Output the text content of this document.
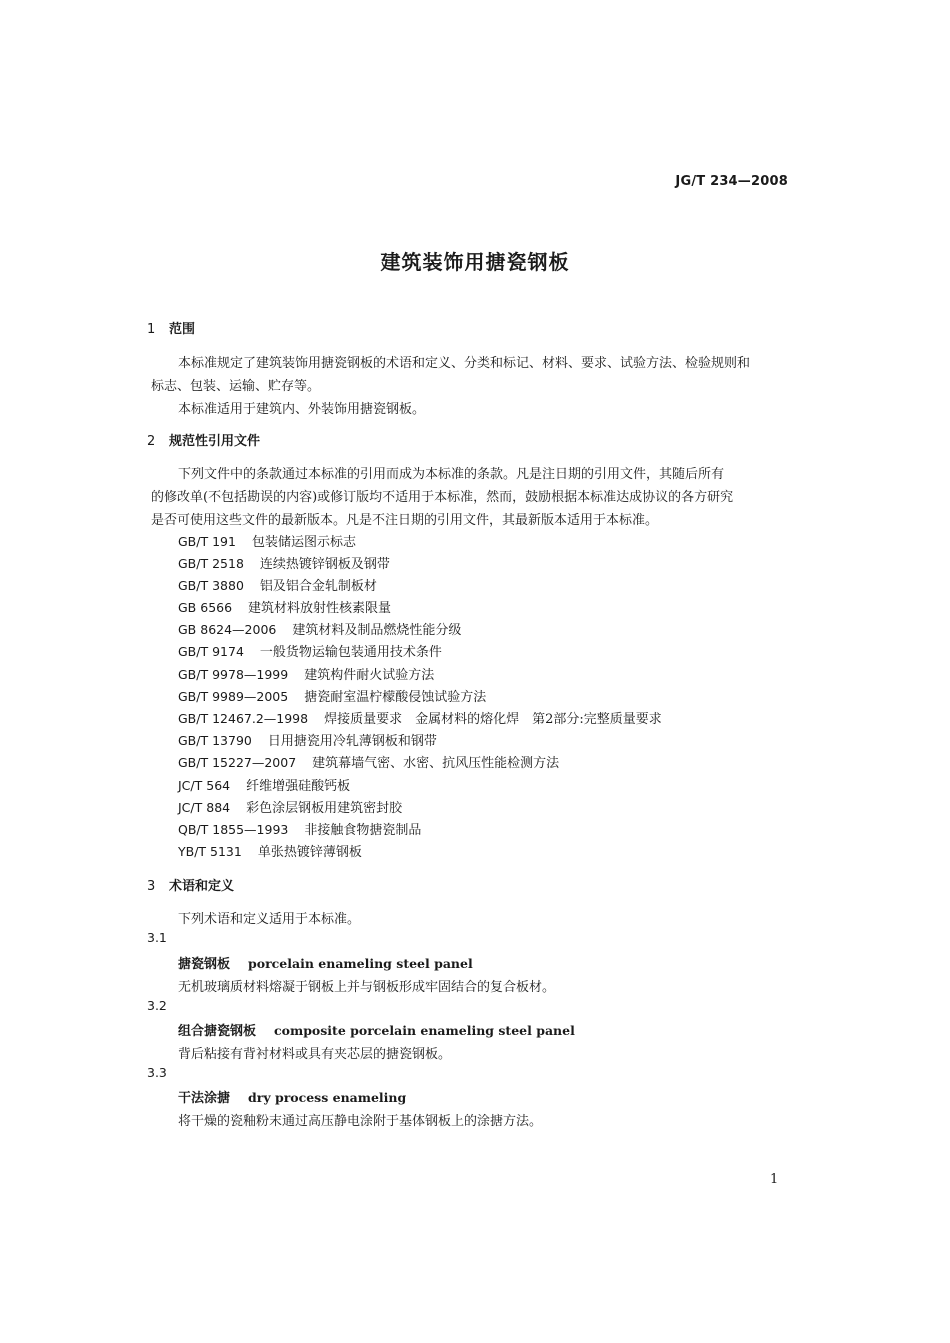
JG/T 234—2008
建筑装饰用搪瓷钢板
1 范围
本标准规定了建筑装饰用搪瓷钢板的术语和定义、分类和标记、材料、要求、试验方法、检验规则和
标志、包装、运输、贮存等。
本标准适用于建筑内、外装饰用搪瓷钢板。
2 规范性引用文件
下列文件中的条款通过本标准的引用而成为本标准的条款。凡是注日期的引用文件，其随后所有
的修改单(不包括勘误的内容)或修订版均不适用于本标准，然而，鼓励根据本标准达成协议的各方研究
是否可使用这些文件的最新版本。凡是不注日期的引用文件，其最新版本适用于本标准。
GB/T 191 包装储运图示标志
GB/T 2518 连续热镀锌钢板及钢带
GB/T 3880 铝及铝合金轧制板材
GB 6566 建筑材料放射性核素限量
GB 8624—2006 建筑材料及制品燃烧性能分级
GB/T 9174 一般货物运输包装通用技术条件
GB/T 9978—1999 建筑构件耐火试验方法
GB/T 9989—2005 搪瓷耐室温柠檬酸侵蚀试验方法
GB/T 12467.2—1998 焊接质量要求　金属材料的熔化焊　第2部分:完整质量要求
GB/T 13790 日用搪瓷用冷轧薄钢板和钢带
GB/T 15227—2007 建筑幕墙气密、水密、抗风压性能检测方法
JC/T 564 纤维增强硅酸钙板
JC/T 884 彩色涂层钢板用建筑密封胶
QB/T 1855—1993 非接触食物搪瓷制品
YB/T 5131 单张热镀锌薄钢板
3 术语和定义
下列术语和定义适用于本标准。
3.1
搪瓷钢板 porcelain enameling steel panel
无机玻璃质材料熔凝于钢板上并与钢板形成牢固结合的复合板材。
3.2
组合搪瓷钢板 composite porcelain enameling steel panel
背后粘接有背衬材料或具有夹芯层的搪瓷钢板。
3.3
干法涂搪 dry process enameling
将干燥的瓷釉粉末通过高压静电涂附于基体钢板上的涂搪方法。
1
